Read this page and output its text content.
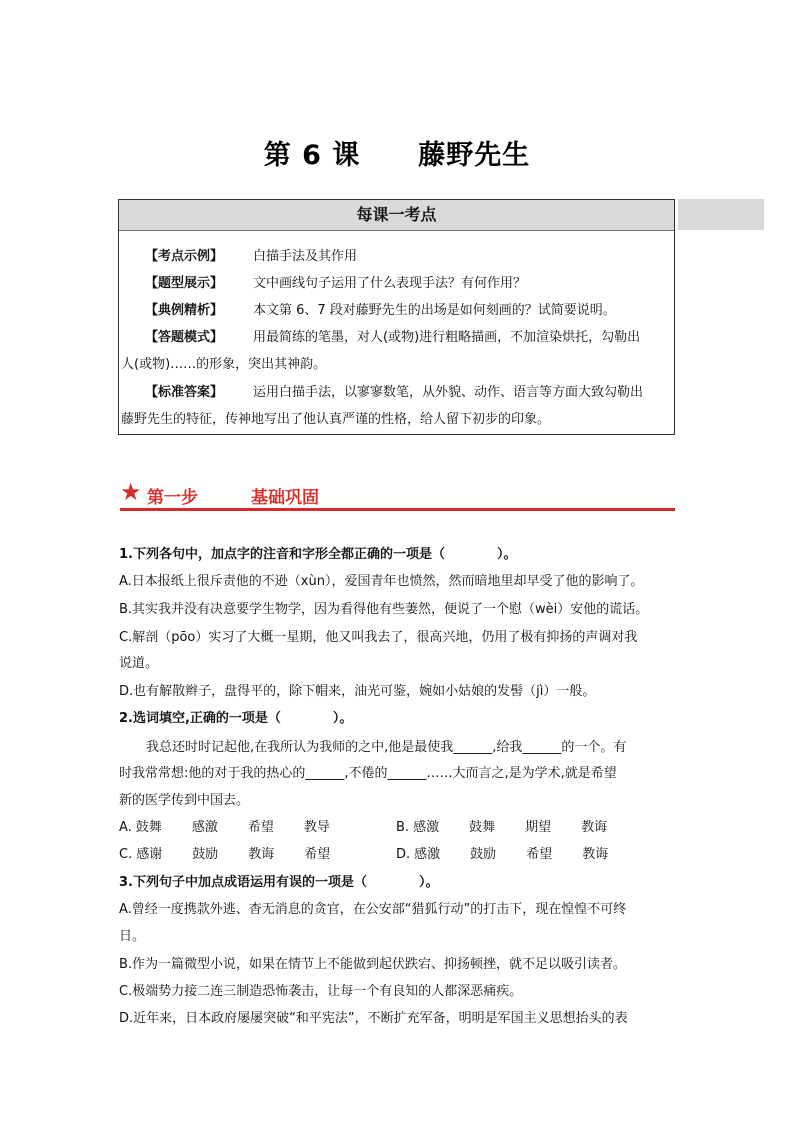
第 6 课 藤野先生
每课一考点
【考点示例】 白描手法及其作用
【题型展示】 文中画线句子运用了什么表现手法？有何作用？
【典例精析】 本文第 6、7 段对藤野先生的出场是如何刻画的？试简要说明。
【答题模式】 用最简练的笔墨，对人(或物)进行粗略描画，不加渲染烘托，勾勒出
人(或物)……的形象，突出其神韵。
【标准答案】 运用白描手法，以寥寥数笔，从外貌、动作、语言等方面大致勾勒出
藤野先生的特征，传神地写出了他认真严谨的性格，给人留下初步的印象。
★ 第一步	基础巩固
1.下列各句中，加点字的注音和字形全都正确的一项是（　　　　）。
A.日本报纸上很斥责他的不逊（xùn），爱国青年也愤然，然而暗地里却早受了他的影响了。
B.其实我并没有决意要学生物学，因为看得他有些萋然，便说了一个慰（wèi）安他的谎话。
C.解剖（pōo）实习了大概一星期，他又叫我去了，很高兴地，仍用了极有抑扬的声调对我
说道。
D.也有解散辫子，盘得平的，除下帽来，油光可鉴，婉如小姑娘的发髻（jì）一般。
2.选词填空,正确的一项是（　　　　）。
我总还时时记起他,在我所认为我师的之中,他是最使我______,给我______的一个。有
时我常常想:他的对于我的热心的______,不倦的______……大而言之,是为学术,就是希望
新的医学传到中国去。
A. 鼓舞 感激 希望 教导	B. 感激 鼓舞 期望 教诲
C. 感谢 鼓励 教诲 希望	D. 感激 鼓励 希望 教诲
3.下列句子中加点成语运用有误的一项是（　　　　）。
A.曾经一度携款外逃、杳无消息的贪官，在公安部“猎狐行动”的打击下，现在惶惶不可终
日。
B.作为一篇微型小说，如果在情节上不能做到起伏跌宕、抑扬顿挫，就不足以吸引读者。
C.极端势力接二连三制造恐怖袭击，让每一个有良知的人都深恶痛疾。
D.近年来，日本政府屡屡突破“和平宪法”，不断扩充军备，明明是军国主义思想抬头的表
